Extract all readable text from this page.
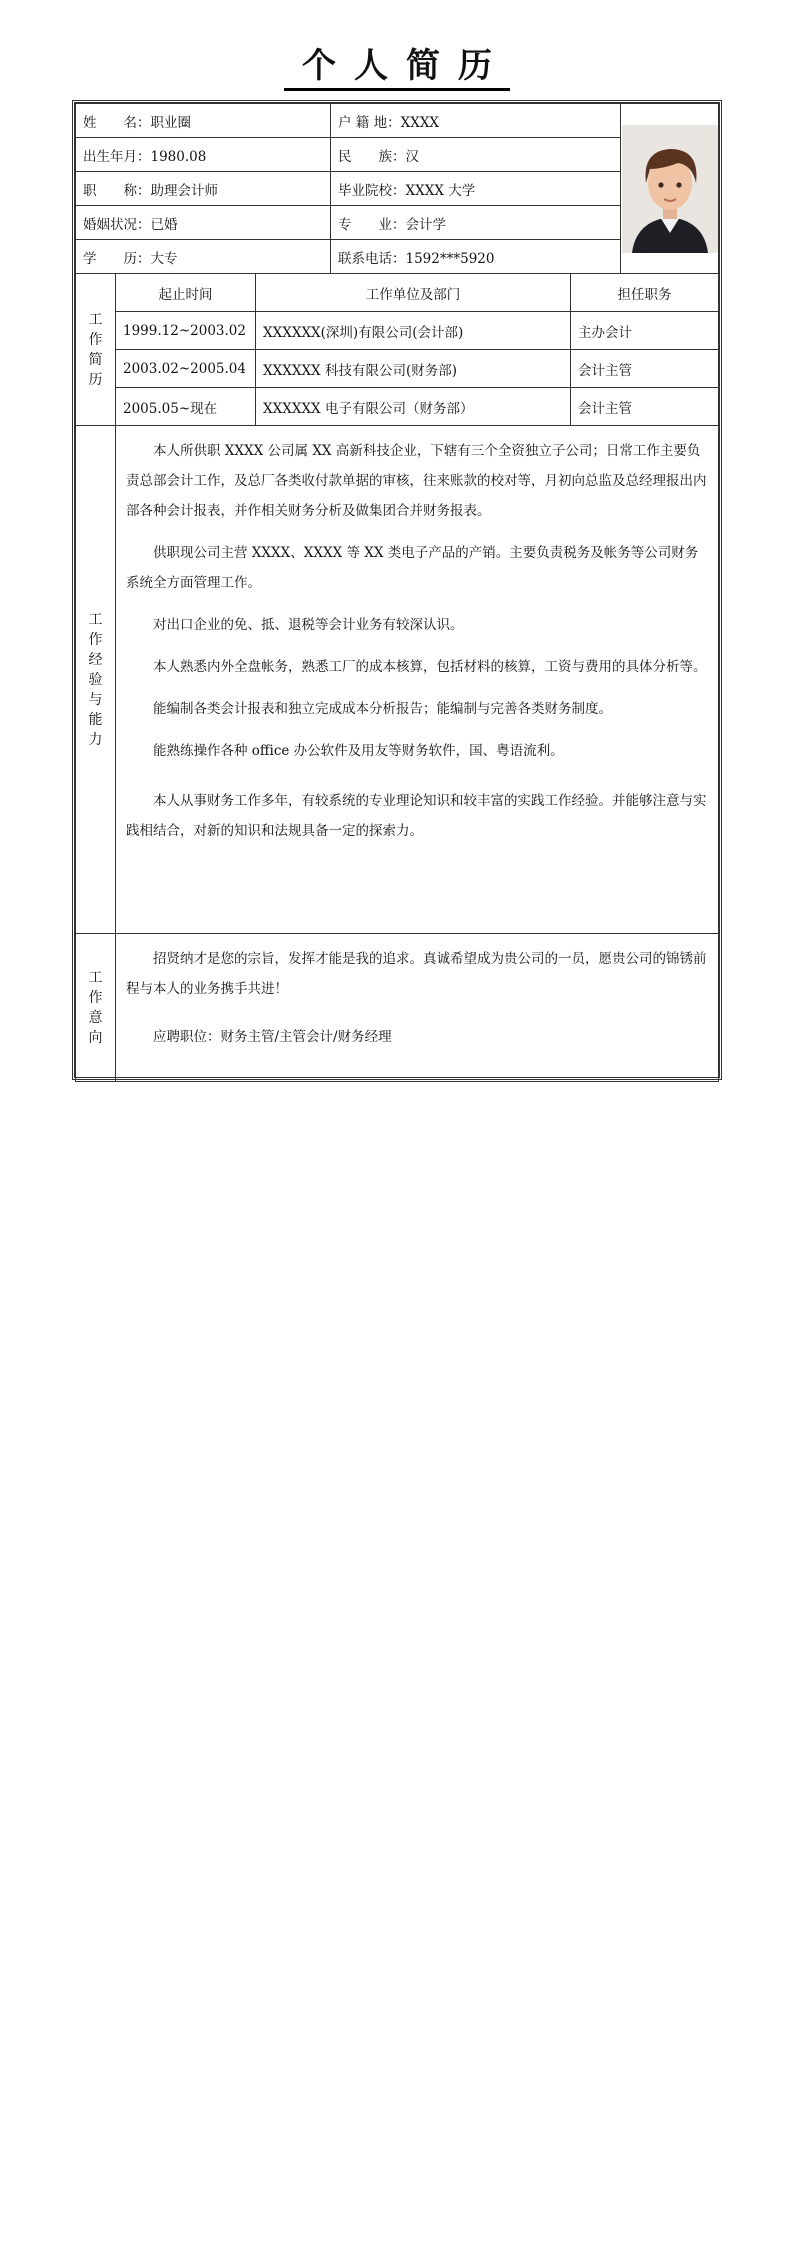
个人简历
姓　　名：职业圈	户 籍 地：XXXX	

出生年月：1980.08	民　　族：汉	
职　　称：助理会计师	毕业院校：XXXX 大学	
婚姻状况：已婚	专　　业：会计学	
学　　历：大专	联系电话：1592***5920	
工
作
简
历	起止时间	工作单位及部门	担任职务
	1999.12~2003.02	XXXXXX(深圳)有限公司(会计部)	主办会计
	2003.02~2005.04	XXXXXX 科技有限公司(财务部)	会计主管
	2005.05~现在	XXXXXX 电子有限公司（财务部）	会计主管
工
作
经
验
与
能
力

本人所供职 XXXX 公司属 XX 高新科技企业，下辖有三个全资独立子公司；日常工作主要负责总部会计工作，及总厂各类收付款单据的审核，往来账款的校对等，月初向总监及总经理报出内部各种会计报表，并作相关财务分析及做集团合并财务报表。

供职现公司主营 XXXX、XXXX 等 XX 类电子产品的产销。主要负责税务及帐务等公司财务系统全方面管理工作。

对出口企业的免、抵、退税等会计业务有较深认识。

本人熟悉内外全盘帐务，熟悉工厂的成本核算，包括材料的核算，工资与费用的具体分析等。

能编制各类会计报表和独立完成成本分析报告；能编制与完善各类财务制度。

能熟练操作各种 office 办公软件及用友等财务软件，国、粤语流利。

本人从事财务工作多年，有较系统的专业理论知识和较丰富的实践工作经验。并能够注意与实践相结合，对新的知识和法规具备一定的探索力。

工
作
意
向

招贤纳才是您的宗旨，发挥才能是我的追求。真诚希望成为贵公司的一员，愿贵公司的锦锈前程与本人的业务携手共进！

应聘职位：财务主管/主管会计/财务经理
